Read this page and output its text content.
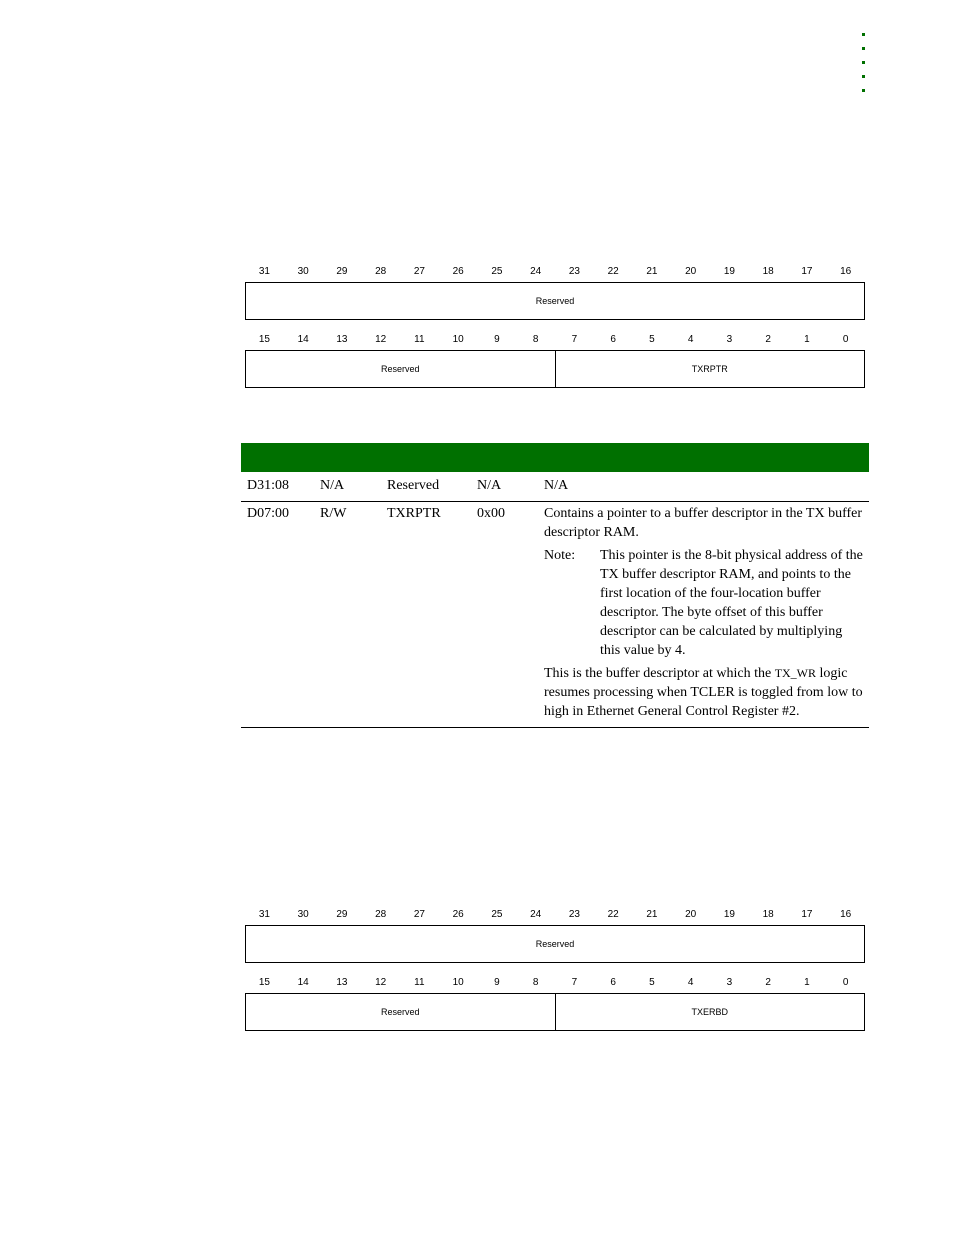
31	30	29	28	27	26	25	24	23	22	21	20	19	18	17	16
Reserved
15	14	13	12	11	10	9	8	7	6	5	4	3	2	1	0
Reserved	TXRPTR
D31:08	N/A	Reserved	N/A	N/A
D07:00	R/W	TXRPTR	0x00	Contains a pointer to a buffer descriptor in the TX buffer descriptor RAM.

Note:	This pointer is the 8-bit physical address of the TX buffer descriptor RAM, and points to the first location of the four-location buffer descriptor. The byte offset of this buffer descriptor can be calculated by multiplying this value by 4.

This is the buffer descriptor at which the TX_WR logic resumes processing when TCLER is toggled from low to high in Ethernet General Control Register #2.

31	30	29	28	27	26	25	24	23	22	21	20	19	18	17	16
Reserved
15	14	13	12	11	10	9	8	7	6	5	4	3	2	1	0
Reserved	TXERBD
